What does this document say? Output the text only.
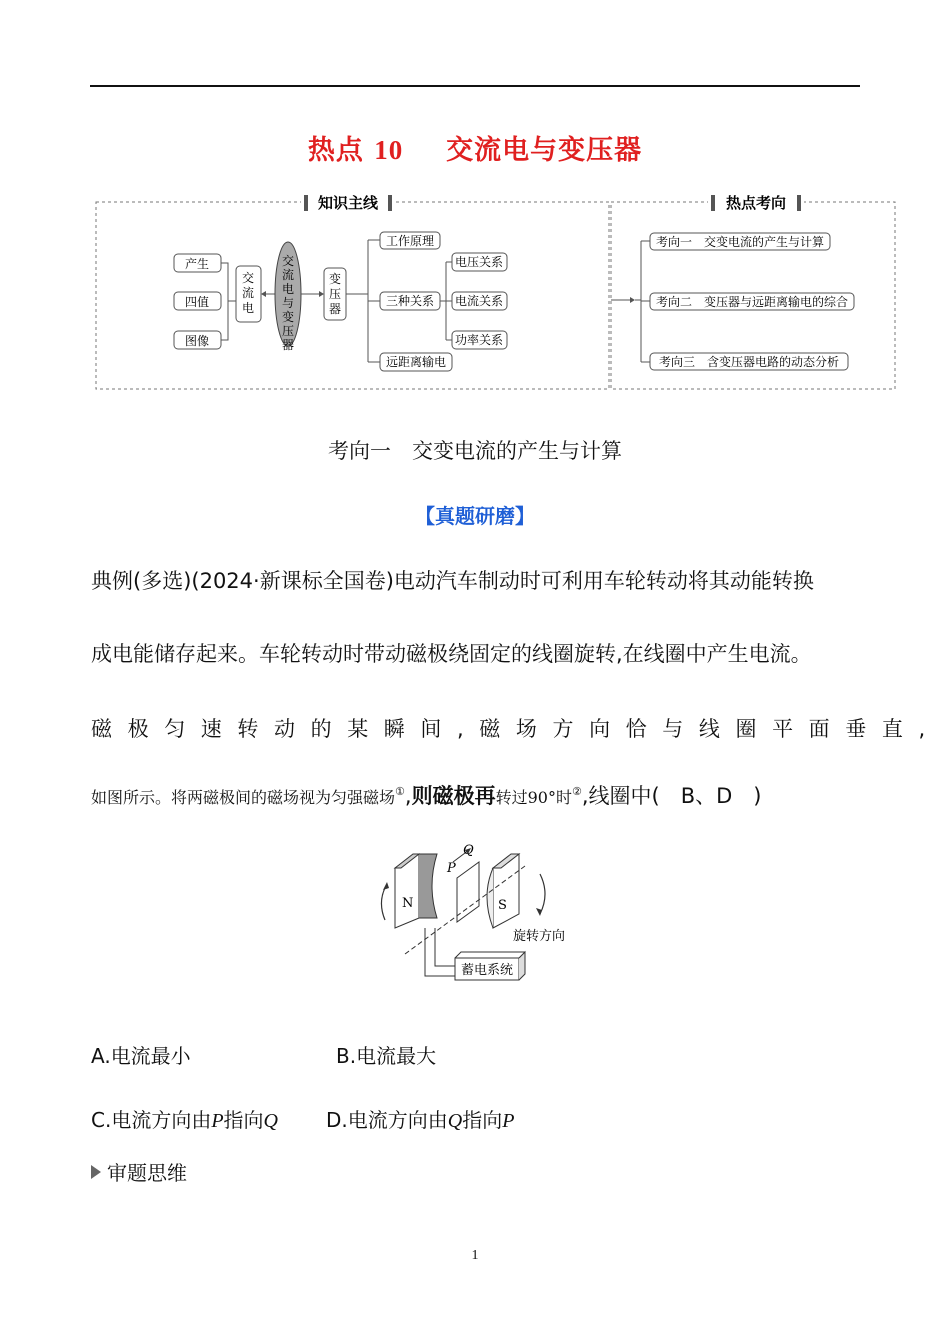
热点 10 交流电与变压器
知识主线	热点考向
产生
四值
图像
交
流
电
交
流
电
与
变
压
器
变
压
器
工作原理
三种关系
远距离输电
电压关系
电流关系
功率关系
考向一　交变电流的产生与计算
考向二　变压器与远距离输电的综合
考向三　含变压器电路的动态分析
考向一　交变电流的产生与计算
【真题研磨】
典例(多选)(2024·新课标全国卷)电动汽车制动时可利用车轮转动将其动能转换
成电能储存起来。车轮转动时带动磁极绕固定的线圈旋转,在线圈中产生电流。
磁极匀速转动的某瞬间,磁场方向恰与线圈平面垂直,
如图所示。将两磁极间的磁场视为匀强磁场①,则磁极再转过90°时②,线圈中(　B、D　)
N	S
旋转方向
P
Q
蓄电系统
A.电流最小	B.电流最大
C.电流方向由P指向Q D.电流方向由Q指向P
审题思维
1
